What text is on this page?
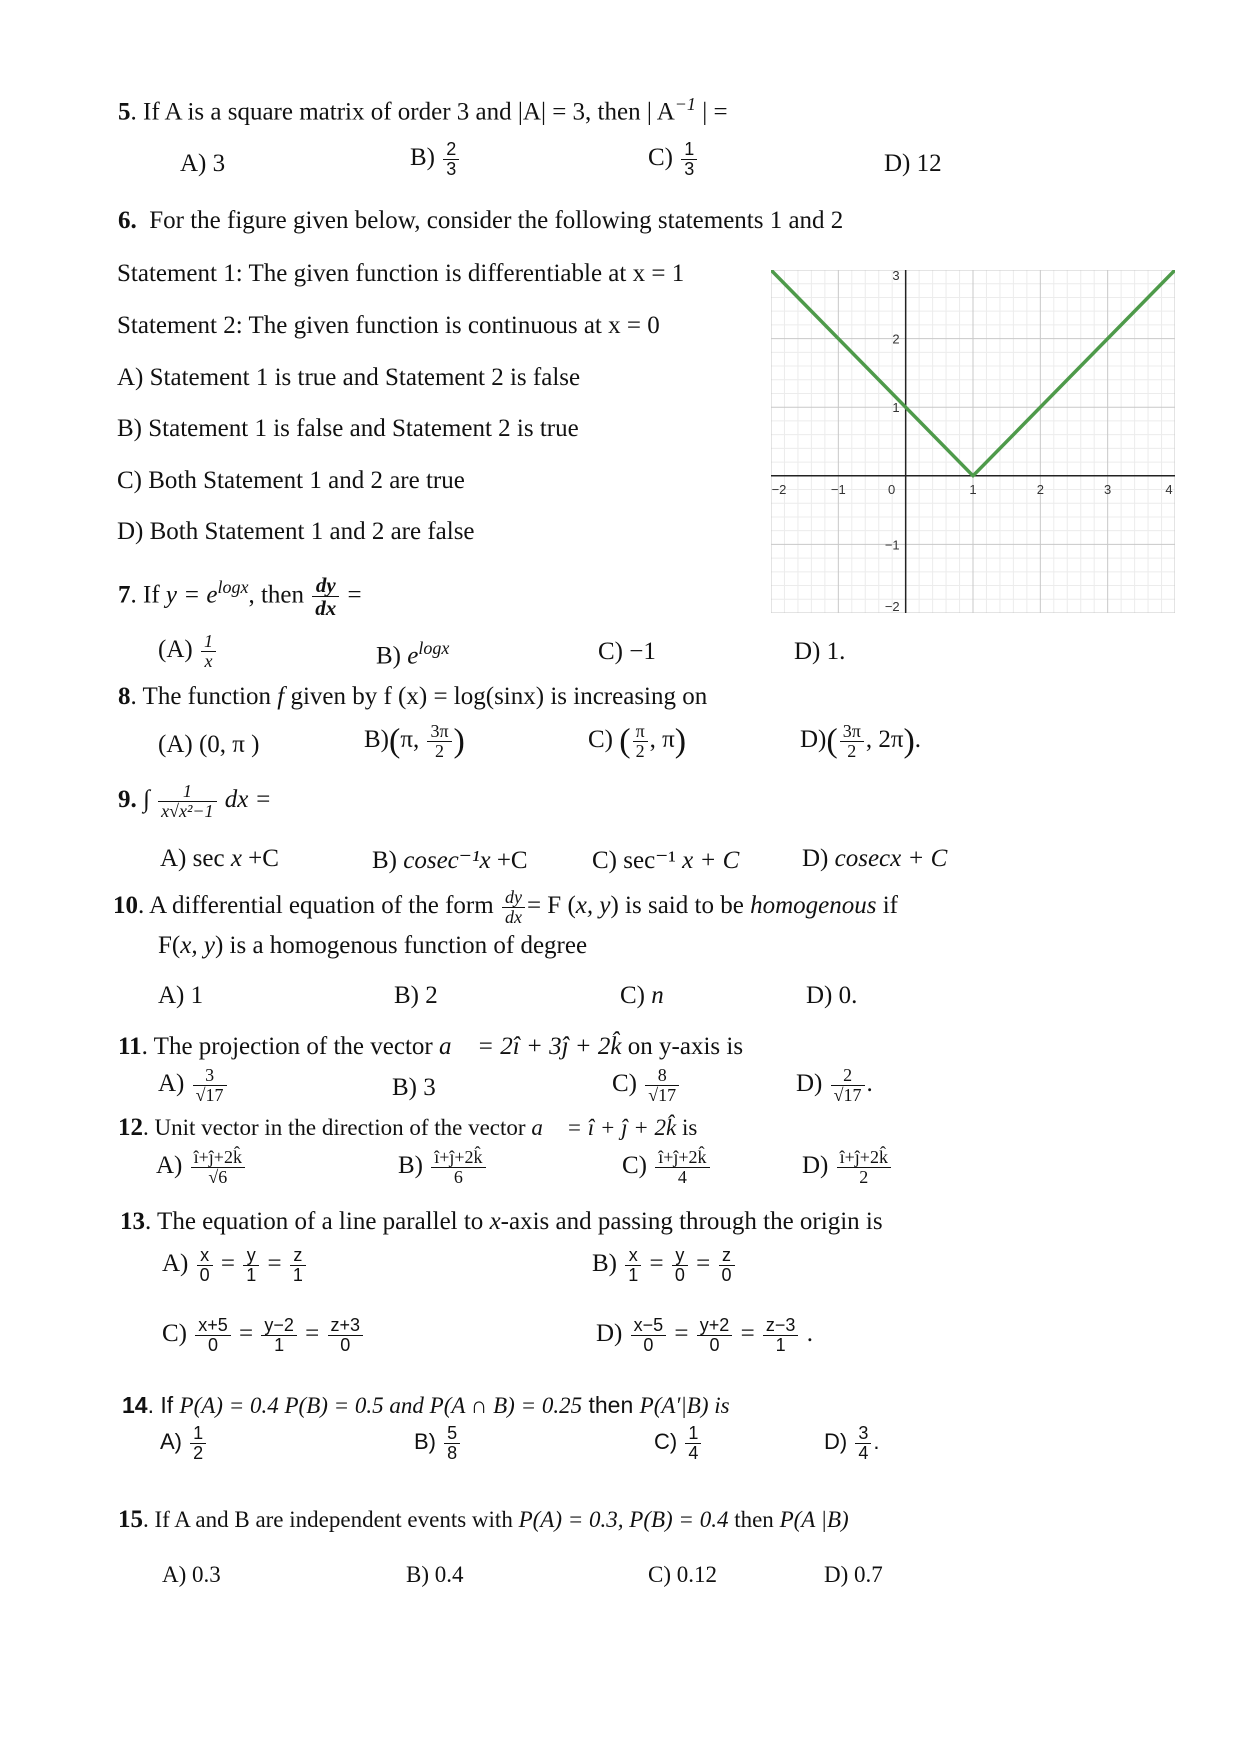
5. If A is a square matrix of order 3 and |A| = 3, then | $A^{-1}$ | =
A) 3	$B) \frac{2}{3}$	$C) \frac{1}{3}$	D) 12
6. For the figure given below, consider the following statements 1 and 2
Statement 1: The given function is differentiable at x = 1
Statement 2: The given function is continuous at x = 0
A) Statement 1 is true and Statement 2 is false
B) Statement 1 is false and Statement 2 is true
C) Both Statement 1 and 2 are true
D) Both Statement 1 and 2 are false
−2	−1	0	1	2	3	4
−2
−1
1
2
3
7. If $y = e^{logx}$, then $\frac{dy}{dx}$ =
$(A) \frac{1}{x}$	B) $e^{logx}$	C) −1	D) 1.
8. The function f given by f (x) = log(sinx) is increasing on
(A) (0, π )	B)(π, $\frac{3\pi}{2}$ )	C) ( $\frac{\pi}{2}$ , π)	$D)( \frac{3\pi}{2}$ , 2π).
9. ∫ $\frac{1}{\text{x√x²−1}}$ dx =
A) sec x +C	B) cosec⁻¹x +C	C) sec⁻¹ x + C	D) cosecx + C
10. A differential equation of the form $\frac{dy}{dx} = F$ (x, y) is said to be homogenous if
F(x, y) is a homogenous function of degree
A) 1	B) 2	C) n	D) 0.
11. The projection of the vector a⃗ = 2î + 3ĵ + 2k̂ on y-axis is
$A) \frac{3}{√17}$	B) 3	$C) \frac{8}{√17}$	$D) \frac{2}{√17}$ .
12. Unit vector in the direction of the vector a⃗ = î + ĵ + 2k̂ is
$A) \frac{î+ĵ+2k̂}{√6}$	$B) \frac{î+ĵ+2k̂}{6}$	$C) \frac{î+ĵ+2k̂}{4}$	$D) \frac{î+ĵ+2k̂}{2}$
13. The equation of a line parallel to x-axis and passing through the origin is
$A) \frac{x}{0} = \frac{y}{1} = \frac{z}{1}$	$B) \frac{x}{1} = \frac{y}{0} = \frac{z}{0}$
$C) \frac{x+5}{0} = \frac{y-2}{1} = \frac{z+3}{0}$	$D) \frac{x-5}{0} = \frac{y+2}{0} = \frac{z-3}{1}$ .
14. If P(A) = 0.4 P(B) = 0.5 and P(A ∩ B) = 0.25 then P(A′|B) is
$A) \frac{1}{2}$	$B) \frac{5}{8}$	$C) \frac{1}{4}$	$D) \frac{3}{4}$ .
15. If A and B are independent events with P(A) = 0.3, P(B) = 0.4 then P(A |B)
A) 0.3	B) 0.4	C) 0.12	D) 0.7
